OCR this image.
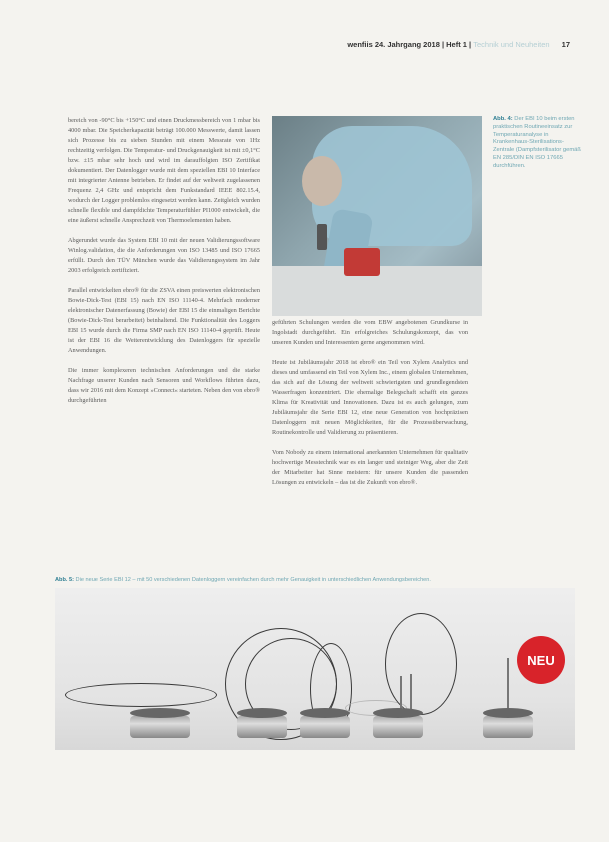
wenfiis 24. Jahrgang 2018 | Heft 1 | Technik und Neuheiten 17

bereich von -90°C bis +150°C und einen Druckmessbereich von 1 mbar bis 4000 mbar. Die Speicherkapazität beträgt 100.000 Messwerte, damit lassen sich Prozesse bis zu sieben Stunden mit einem Messrate von 1Hz rechtzeitig verfolgen. Die Temperatur- und Druckgenauigkeit ist mit ±0,1°C bzw. ±15 mbar sehr hoch und wird im darauffolgten ISO Zertifikat dokumentiert. Der Datenlogger wurde mit dem speziellen EBI 10 Interface mit integrierter Antenne betrieben. Er findet auf der weltweit zugelassenen Frequenz 2,4 GHz und entspricht dem Funkstandard IEEE 802.15.4, wodurch der Logger problemlos eingesetzt werden kann. Zeitgleich wurden schnelle flexible und dampfdichte Temperaturfühler PI1000 entwickelt, die eine äußerst schnelle Ansprechzeit von Thermoelementen haben.

Abgerundet wurde das System EBI 10 mit der neuen Validierungssoftware Winlog.validation, die die Anforderungen von ISO 13485 und ISO 17665 erfüllt. Durch den TÜV München wurde das Validierungssystem im Jahr 2003 erfolgreich zertifiziert.

Parallel entwickelten ebro® für die ZSVA einen preiswerten elektronischen Bowie-Dick-Test (EBI 15) nach EN ISO 11140-4. Mehrfach moderner elektronischer Datenerfassung (Bowie) der EBI 15 die einmaligen Berichte (Bowie-Dick-Test berarbeitet) beinhaltend. Die Funktionalität des Loggers EBI 15 wurde durch die Firma SMP nach EN ISO 11140-4 geprüft. Heute ist der EBI 16 die Weiterentwicklung des Datenloggers für spezielle Anwendungen.

Die immer komplexeren technischen Anforderungen und die starke Nachfrage unserer Kunden nach Sensoren und Workflows führten dazu, dass wir 2016 mit dem Konzept »Connect« starteten. Neben den von ebro® durchgeführten

Abb. 4: Der EBI 10 beim ersten praktischen Routineeinsatz zur Temperaturanalyse in Krankenhaus-Sterilisations-Zentrale (Dampfsterilisator gemäß EN 285/DIN EN ISO 17665 durchführen.

geführten Schulungen werden die vom EBW angebotenen Grundkurse in Ingolstadt durchgeführt. Ein erfolgreiches Schulungskonzept, das von unseren Kunden und Interessenten gerne angenommen wird.

Heute ist Jubiläumsjahr 2018 ist ebro® ein Teil von Xylem Analytics und dieses und umfassend ein Teil von Xylem Inc., einem globalen Unternehmen, das sich auf die Lösung der weltweit schwierigsten und grundlegendsten Wasserfragen konzentriert. Die ehemalige Belegschaft schafft ein ganzes Klima für Kreativität und Innovationen. Dazu ist es auch gelungen, zum Jubiläumsjahr die Serie EBI 12, eine neue Generation von hochpräzisen Datenloggern mit neuen Möglichkeiten, für die Prozessüberwachung, Routinekontrolle und Validierung zu präsentieren.

Vom Nobody zu einem international anerkannten Unternehmen für qualitativ hochwertige Messtechnik war es ein langer und steiniger Weg, aber die Zeit der Mitarbeiter hat Sinne meistern: für unsere Kunden die passenden Lösungen zu entwickeln – das ist die Zukunft von ebro®.

Abb. 5: Die neue Serie EBI 12 – mit 50 verschiedenen Datenloggern vereinfachen durch mehr Genauigkeit in unterschiedlichen Anwendungsbereichen.
NEU
